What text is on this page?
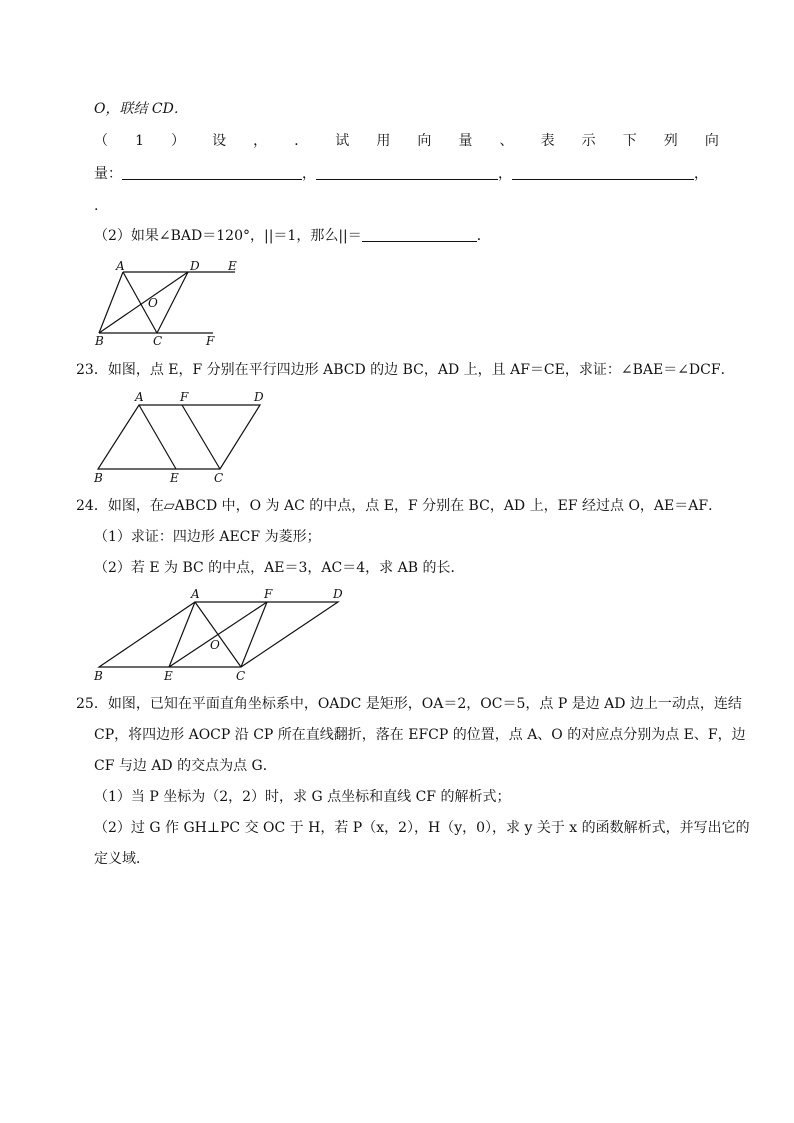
O，联结 CD．
（ 1 ） 设 ， ． 试 用 向 量 、 表 示 下 列 向
量：	，	，	，
.
（2）如果∠BAD＝120°，||＝1，那么||＝	．
A	D E
O
B	C	F
23．如图，点 E，F 分别在平行四边形 ABCD 的边 BC，AD 上，且 AF＝CE，求证：∠BAE＝∠DCF．
A	F	D
B	E	C
24．如图，在▱ABCD 中，O 为 AC 的中点，点 E，F 分别在 BC，AD 上，EF 经过点 O，AE＝AF．
（1）求证：四边形 AECF 为菱形；
（2）若 E 为 BC 的中点，AE＝3，AC＝4，求 AB 的长．
A	F	D
O
B	E	C
25．如图，已知在平面直角坐标系中，OADC 是矩形，OA＝2，OC＝5，点 P 是边 AD 边上一动点，连结
CP，将四边形 AOCP 沿 CP 所在直线翻折，落在 EFCP 的位置，点 A、O 的对应点分别为点 E、F，边
CF 与边 AD 的交点为点 G．
（1）当 P 坐标为（2，2）时，求 G 点坐标和直线 CF 的解析式；
（2）过 G 作 GH⊥PC 交 OC 于 H，若 P（x，2），H（y，0），求 y 关于 x 的函数解析式，并写出它的
定义域．
